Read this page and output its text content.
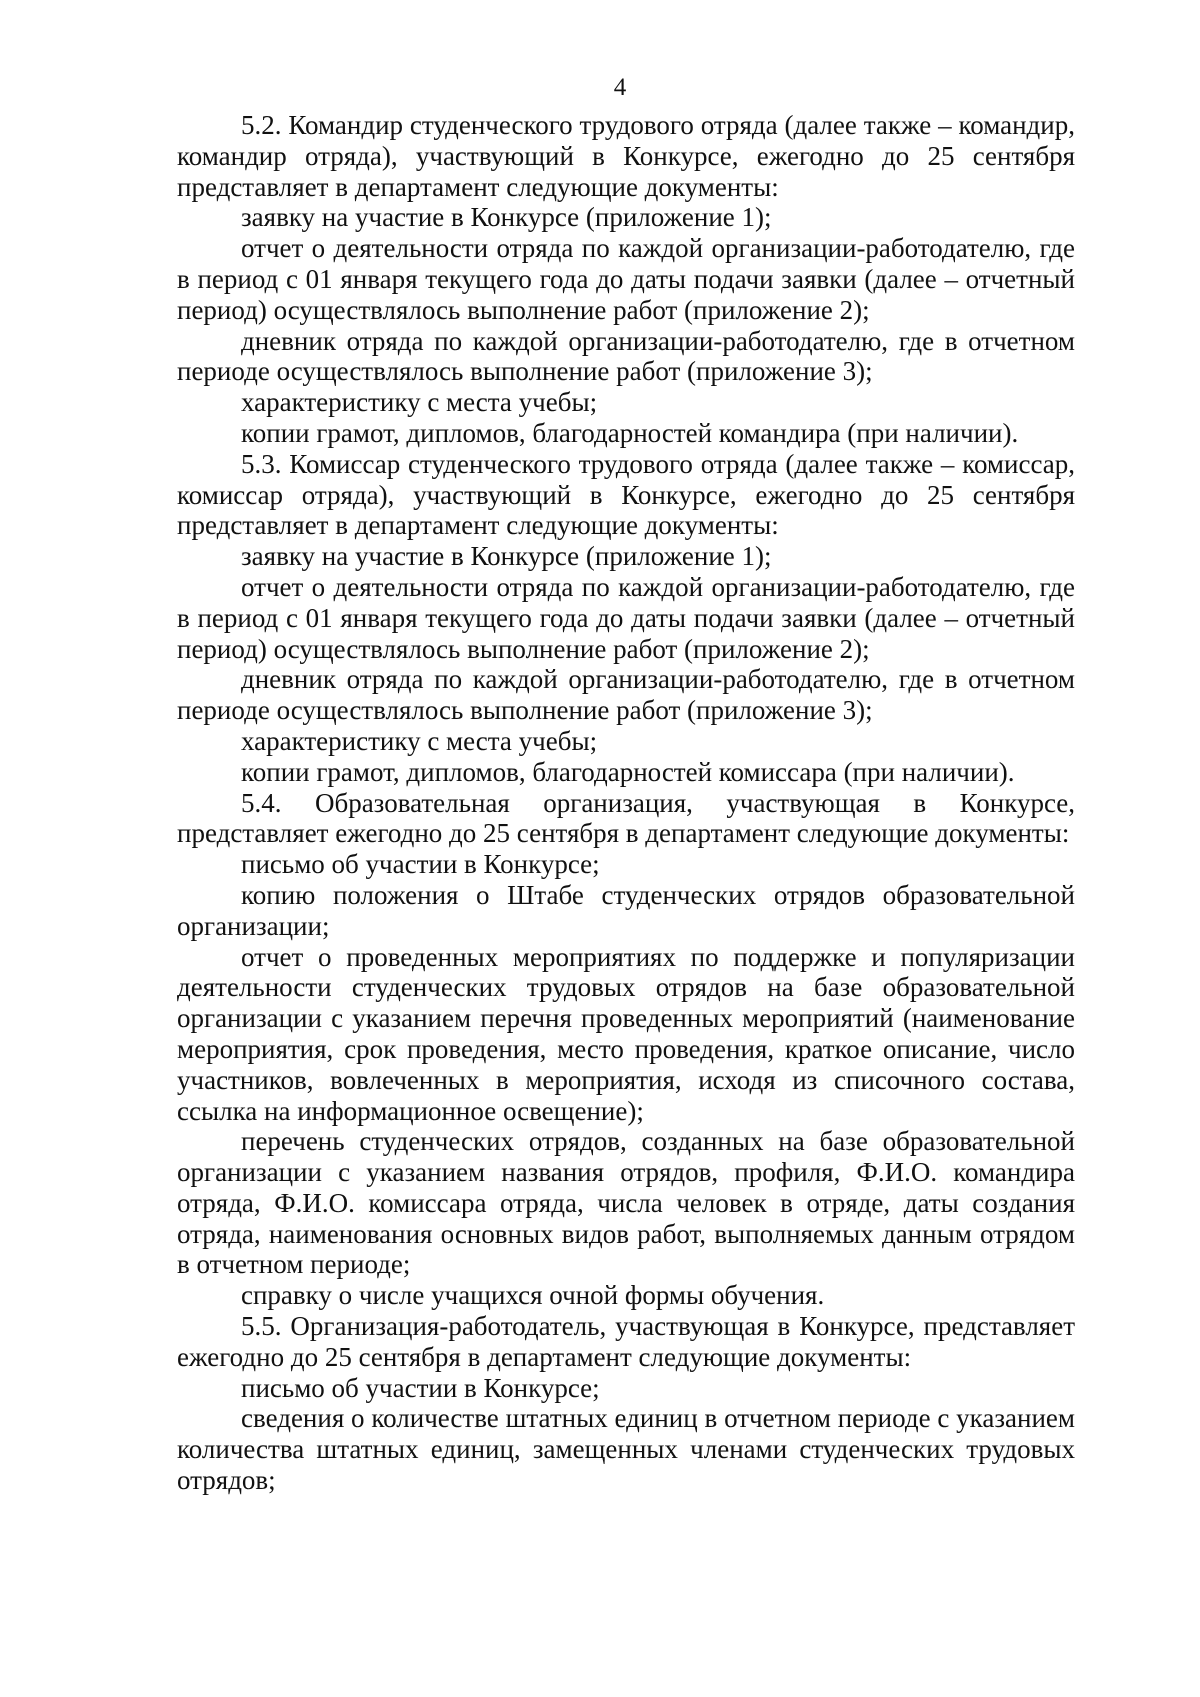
4

5.2. Командир студенческого трудового отряда (далее также – командир, командир отряда), участвующий в Конкурсе, ежегодно до 25 сентября представляет в департамент следующие документы:

заявку на участие в Конкурсе (приложение 1);

отчет о деятельности отряда по каждой организации-работодателю, где в период с 01 января текущего года до даты подачи заявки (далее – отчетный период) осуществлялось выполнение работ (приложение 2);

дневник отряда по каждой организации-работодателю, где в отчетном периоде осуществлялось выполнение работ (приложение 3);

характеристику с места учебы;

копии грамот, дипломов, благодарностей командира (при наличии).

5.3. Комиссар студенческого трудового отряда (далее также – комиссар, комиссар отряда), участвующий в Конкурсе, ежегодно до 25 сентября представляет в департамент следующие документы:

заявку на участие в Конкурсе (приложение 1);

отчет о деятельности отряда по каждой организации-работодателю, где в период с 01 января текущего года до даты подачи заявки (далее – отчетный период) осуществлялось выполнение работ (приложение 2);

дневник отряда по каждой организации-работодателю, где в отчетном периоде осуществлялось выполнение работ (приложение 3);

характеристику с места учебы;

копии грамот, дипломов, благодарностей комиссара (при наличии).

5.4. Образовательная организация, участвующая в Конкурсе, представляет ежегодно до 25 сентября в департамент следующие документы:

письмо об участии в Конкурсе;

копию положения о Штабе студенческих отрядов образовательной организации;

отчет о проведенных мероприятиях по поддержке и популяризации деятельности студенческих трудовых отрядов на базе образовательной организации с указанием перечня проведенных мероприятий (наименование мероприятия, срок проведения, место проведения, краткое описание, число участников, вовлеченных в мероприятия, исходя из списочного состава, ссылка на информационное освещение);

перечень студенческих отрядов, созданных на базе образовательной организации с указанием названия отрядов, профиля, Ф.И.О. командира отряда, Ф.И.О. комиссара отряда, числа человек в отряде, даты создания отряда, наименования основных видов работ, выполняемых данным отрядом в отчетном периоде;

справку о числе учащихся очной формы обучения.

5.5. Организация-работодатель, участвующая в Конкурсе, представляет ежегодно до 25 сентября в департамент следующие документы:

письмо об участии в Конкурсе;

сведения о количестве штатных единиц в отчетном периоде с указанием количества штатных единиц, замещенных членами студенческих трудовых отрядов;
